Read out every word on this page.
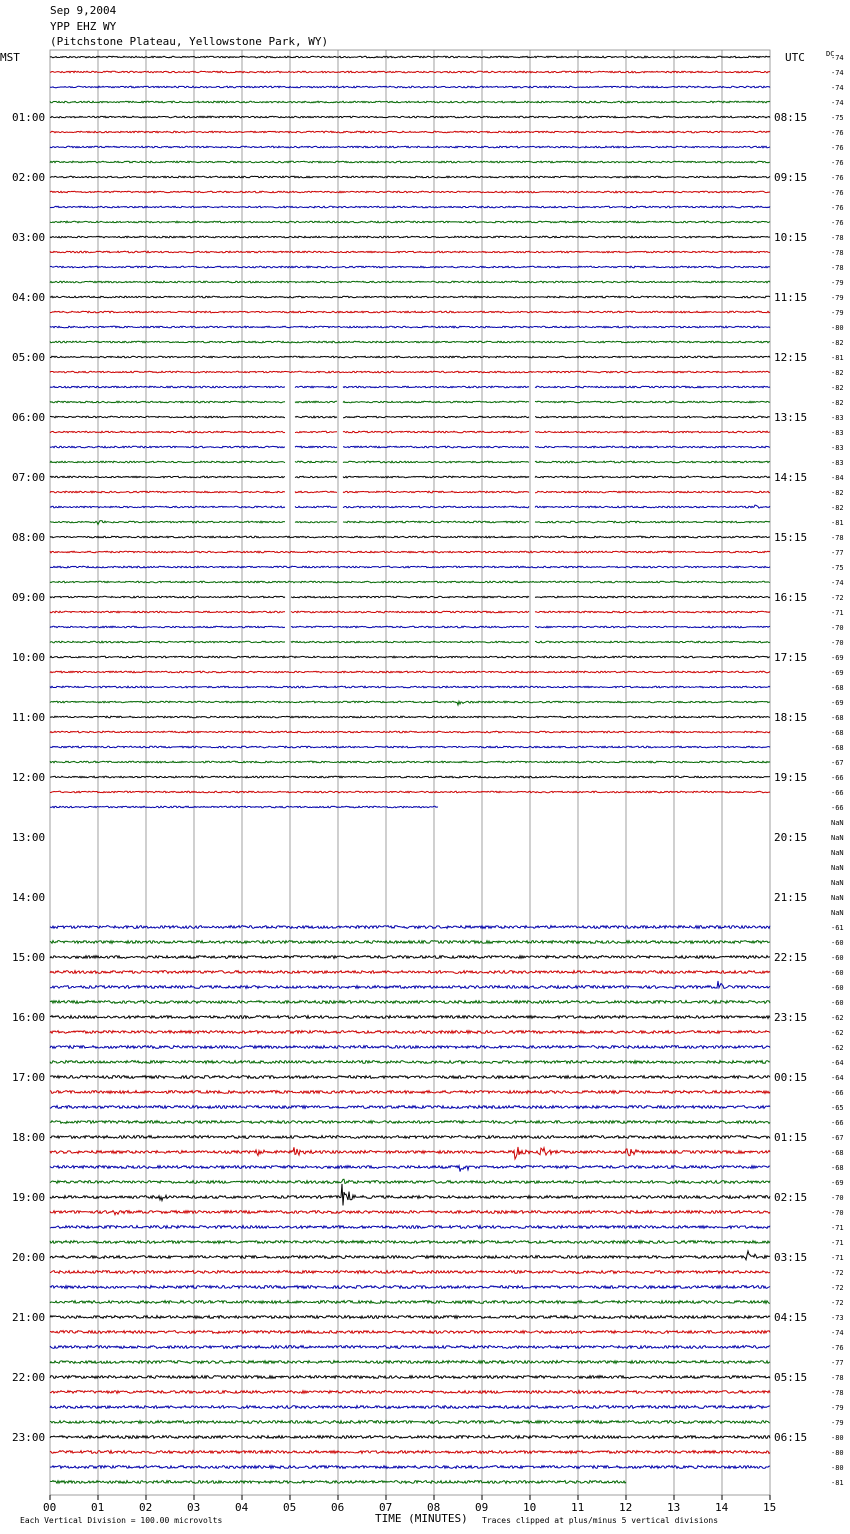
Sep 9,2004
YPP EHZ WY
(Pitchstone Plateau, Yellowstone Park, WY)
00	01	02	03	04	05	06	07	08	09	10	11	12	13	14	15
01:00	08:15
02:00	09:15
03:00	10:15
04:00	11:15
05:00	12:15
06:00	13:15
07:00	14:15
08:00	15:15
09:00	16:15
10:00	17:15
11:00	18:15
12:00	19:15
13:00	20:15
14:00	21:15
15:00	22:15
16:00	23:15
17:00	00:15
18:00	01:15
19:00	02:15
20:00	03:15
21:00	04:15
22:00	05:15
23:00	06:15
-74
-74
-74
-74
-75
-76
-76
-76
-76
-76
-76
-76
-78
-78
-78
-79
-79
-79
-80
-82
-81
-82
-82
-82
-83
-83
-83
-83
-84
-82
-82
-81
-78
-77
-75
-74
-72
-71
-70
-70
-69
-69
-68
-69
-68
-68
-68
-67
-66
-66
-66
NaN
NaN
NaN
NaN
NaN
NaN
NaN
-61
-60
-60
-60
-60
-60
-62
-62
-62
-64
-64
-66
-65
-66
-67
-68
-68
-69
-70
-70
-71
-71
-71
-72
-72
-72
-73
-74
-76
-77
-78
-78
-79
-79
-80
-80
-80
-81
MST	UTC	DC
TIME (MINUTES)
Each Vertical Division = 100.00 microvolts	Traces clipped at plus/minus 5 vertical divisions
